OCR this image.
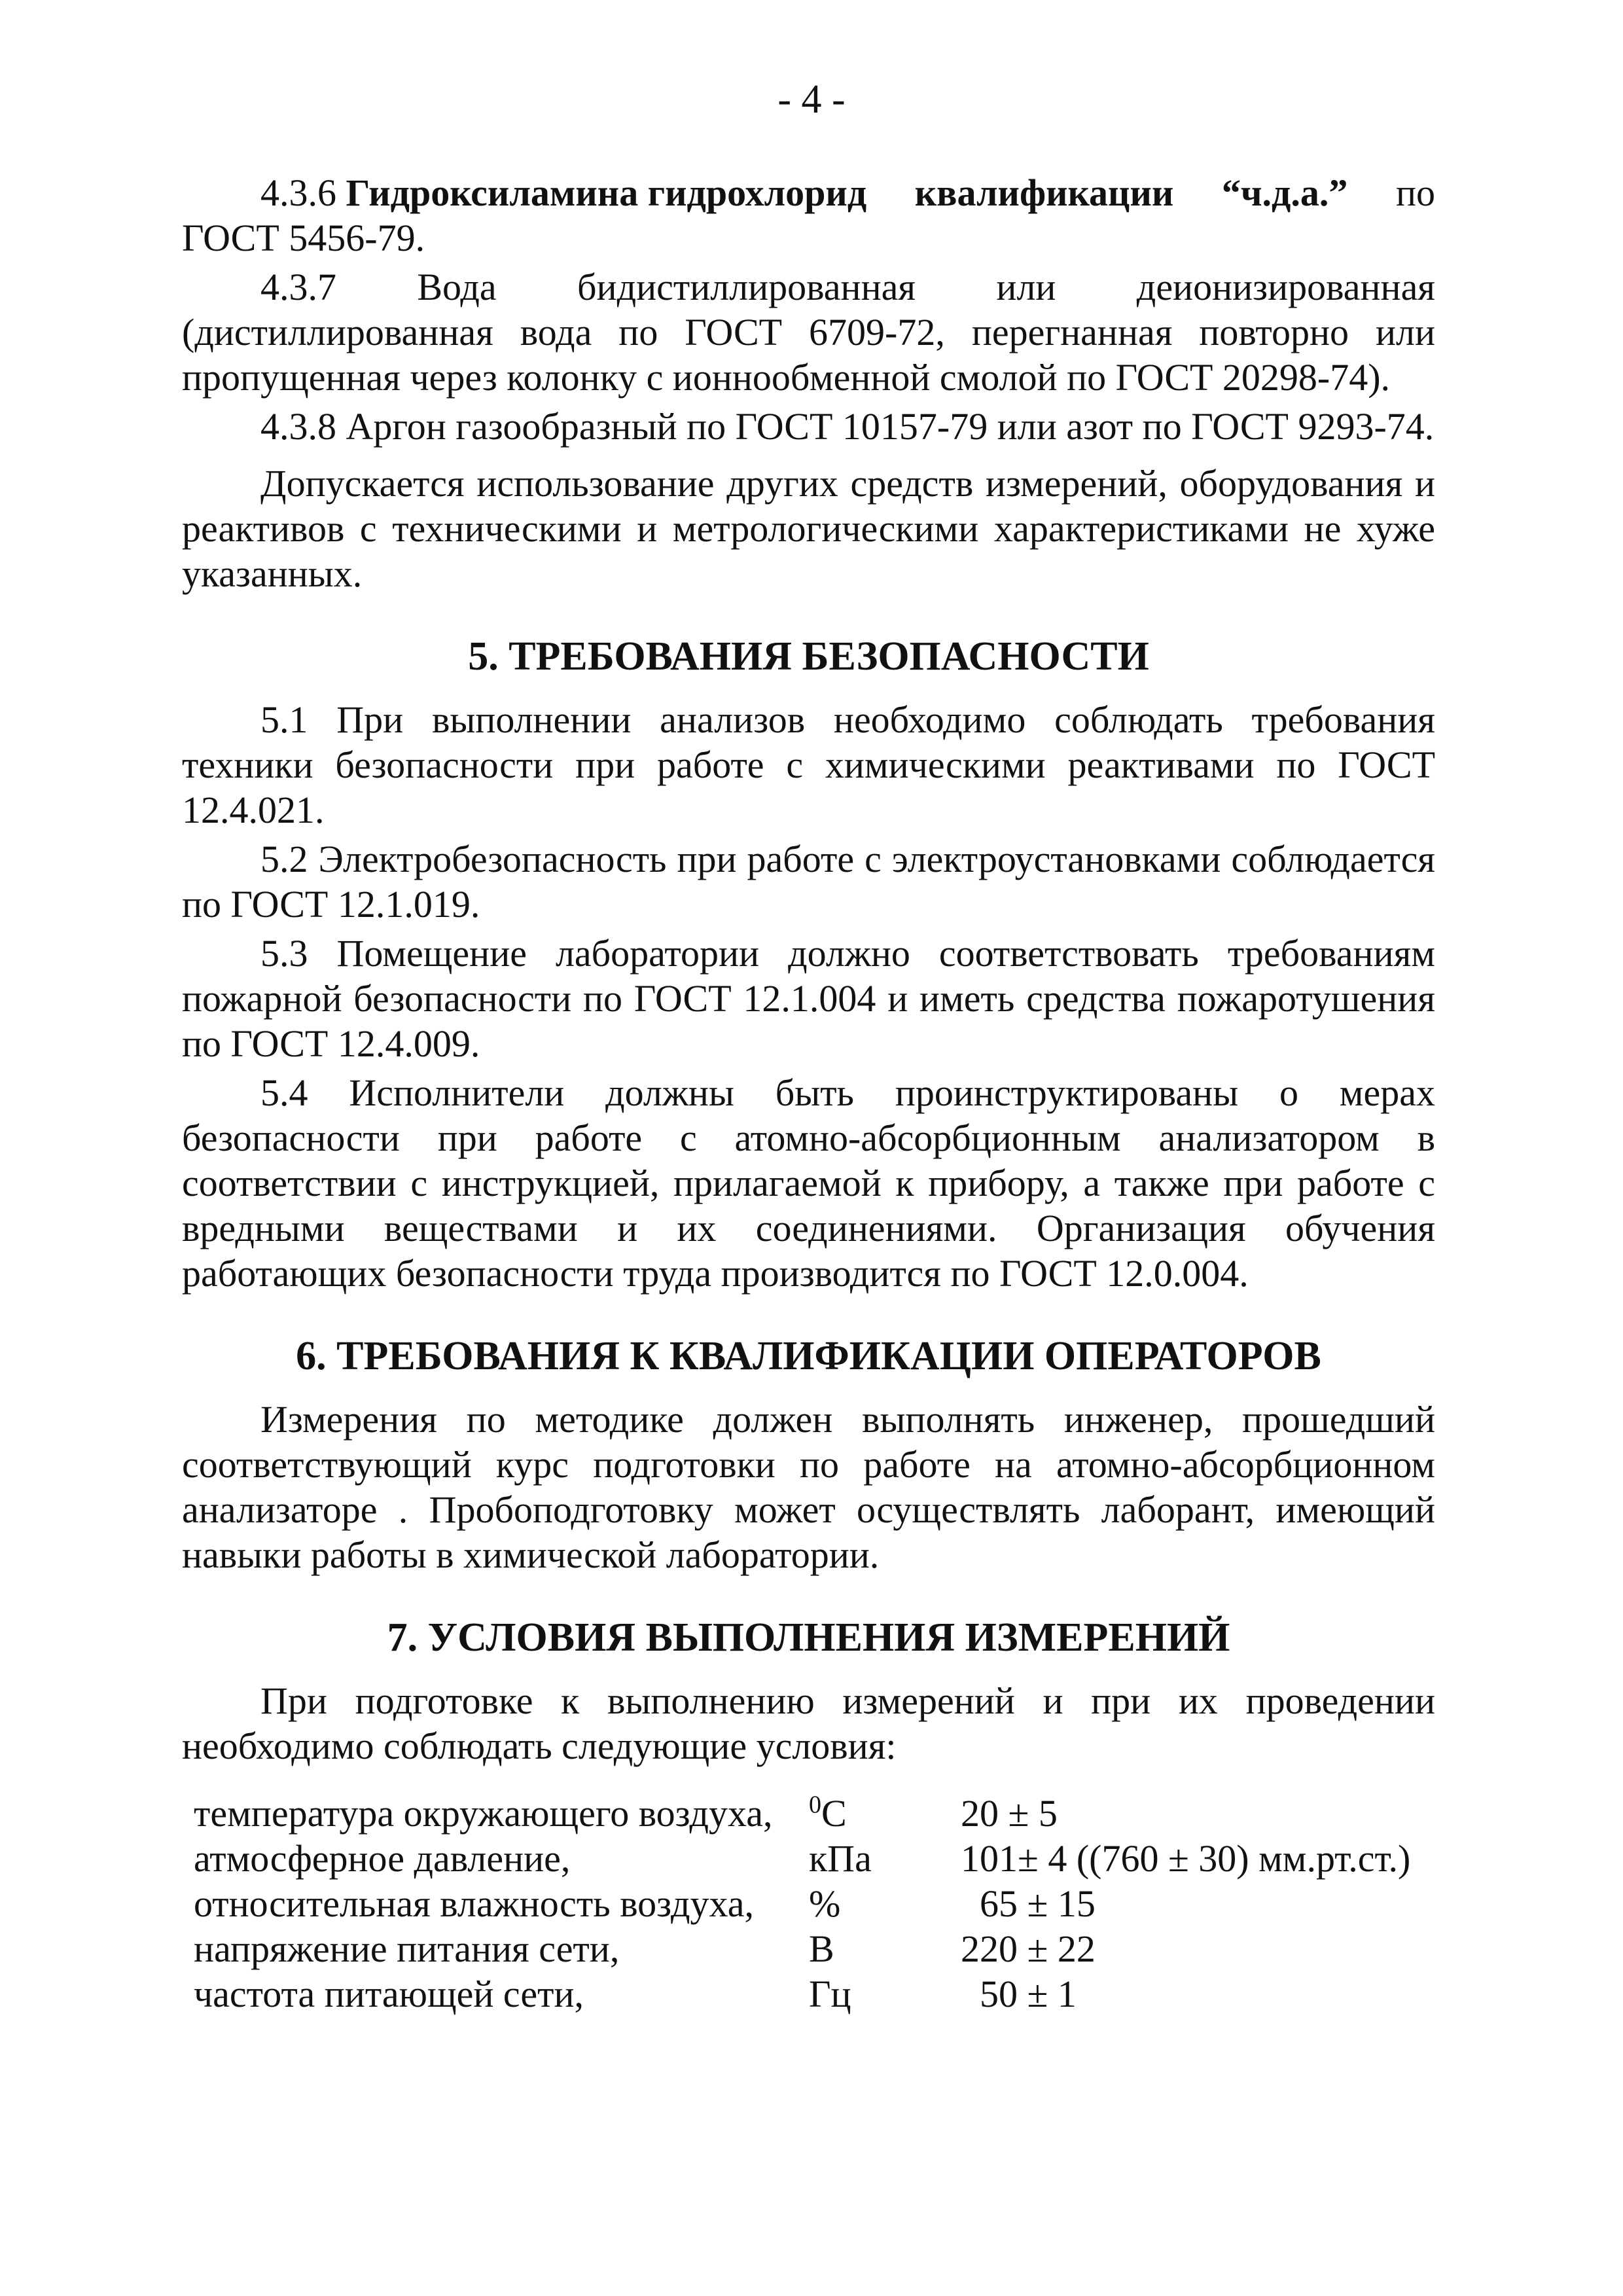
- 4 -
4.3.6 Гидроксиламина гидрохлорид квалификации “ч.д.а.” по

ГОСТ 5456-79.

4.3.7 Вода бидистиллированная или деионизированная (дистиллированная вода по ГОСТ 6709-72, перегнанная повторно или пропущенная через колонку с ионнообменной смолой по ГОСТ 20298-74).

4.3.8 Аргон газообразный по ГОСТ 10157-79 или азот по ГОСТ 9293-74.

Допускается использование других средств измерений, оборудования и реактивов с техническими и метрологическими характеристиками не хуже указанных.

5. ТРЕБОВАНИЯ БЕЗОПАСНОСТИ

5.1 При выполнении анализов необходимо соблюдать требования техники безопасности при работе с химическими реактивами по ГОСТ 12.4.021.

5.2 Электробезопасность при работе с электроустановками соблюдается по ГОСТ 12.1.019.

5.3 Помещение лаборатории должно соответствовать требованиям пожарной безопасности по ГОСТ 12.1.004 и иметь средства пожаротушения по ГОСТ 12.4.009.

5.4 Исполнители должны быть проинструктированы о мерах безопасности при работе с атомно-абсорбционным анализатором в соответствии с инструкцией, прилагаемой к прибору, а также при работе с вредными веществами и их соединениями. Организация обучения работающих безопасности труда производится по ГОСТ 12.0.004.

6. ТРЕБОВАНИЯ К КВАЛИФИКАЦИИ ОПЕРАТОРОВ

Измерения по методике должен выполнять инженер, прошедший соответствующий курс подготовки по работе на атомно-абсорбционном анализаторе . Пробоподготовку может осуществлять лаборант, имеющий навыки работы в химической лаборатории.

7. УСЛОВИЯ ВЫПОЛНЕНИЯ ИЗМЕРЕНИЙ

При подготовке к выполнению измерений и при их проведении необходимо соблюдать следующие условия:

температура окружающего воздуха,	$^0$С	20 ± 5
атмосферное давление,	кПа	101± 4 ((760 ± 30) мм.рт.ст.)
относительная влажность воздуха,	%	65 ± 15
напряжение питания сети,	В	220 ± 22
частота питающей сети,	Гц	50 ± 1
